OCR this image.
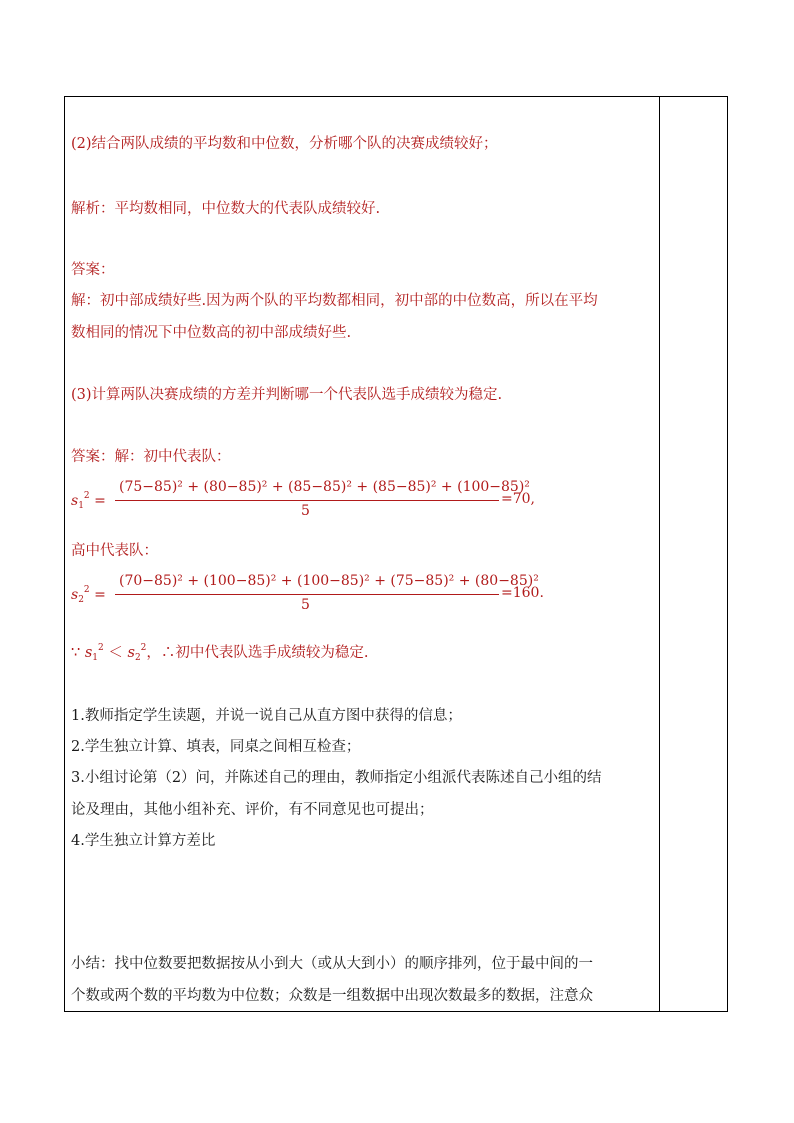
(2)结合两队成绩的平均数和中位数，分析哪个队的决赛成绩较好；
解析：平均数相同，中位数大的代表队成绩较好.
答案：
解：初中部成绩好些.因为两个队的平均数都相同，初中部的中位数高，所以在平均
数相同的情况下中位数高的初中部成绩好些.
(3)计算两队决赛成绩的方差并判断哪一个代表队选手成绩较为稳定.
答案：解：初中代表队：
$s_1^2$ =
(75−85)² + (80−85)² + (85−85)² + (85−85)² + (100−85)²
5
=70,
高中代表队：
$s_2^2$ =
(70−85)² + (100−85)² + (100−85)² + (75−85)² + (80−85)²
5
=160.
∵ $s_1^2 < s_2^2$，∴初中代表队选手成绩较为稳定.
1.教师指定学生读题，并说一说自己从直方图中获得的信息；
2.学生独立计算、填表，同桌之间相互检查；
3.小组讨论第（2）问，并陈述自己的理由，教师指定小组派代表陈述自己小组的结
论及理由，其他小组补充、评价，有不同意见也可提出；
4.学生独立计算方差比
小结：找中位数要把数据按从小到大（或从大到小）的顺序排列，位于最中间的一
个数或两个数的平均数为中位数；众数是一组数据中出现次数最多的数据，注意众
